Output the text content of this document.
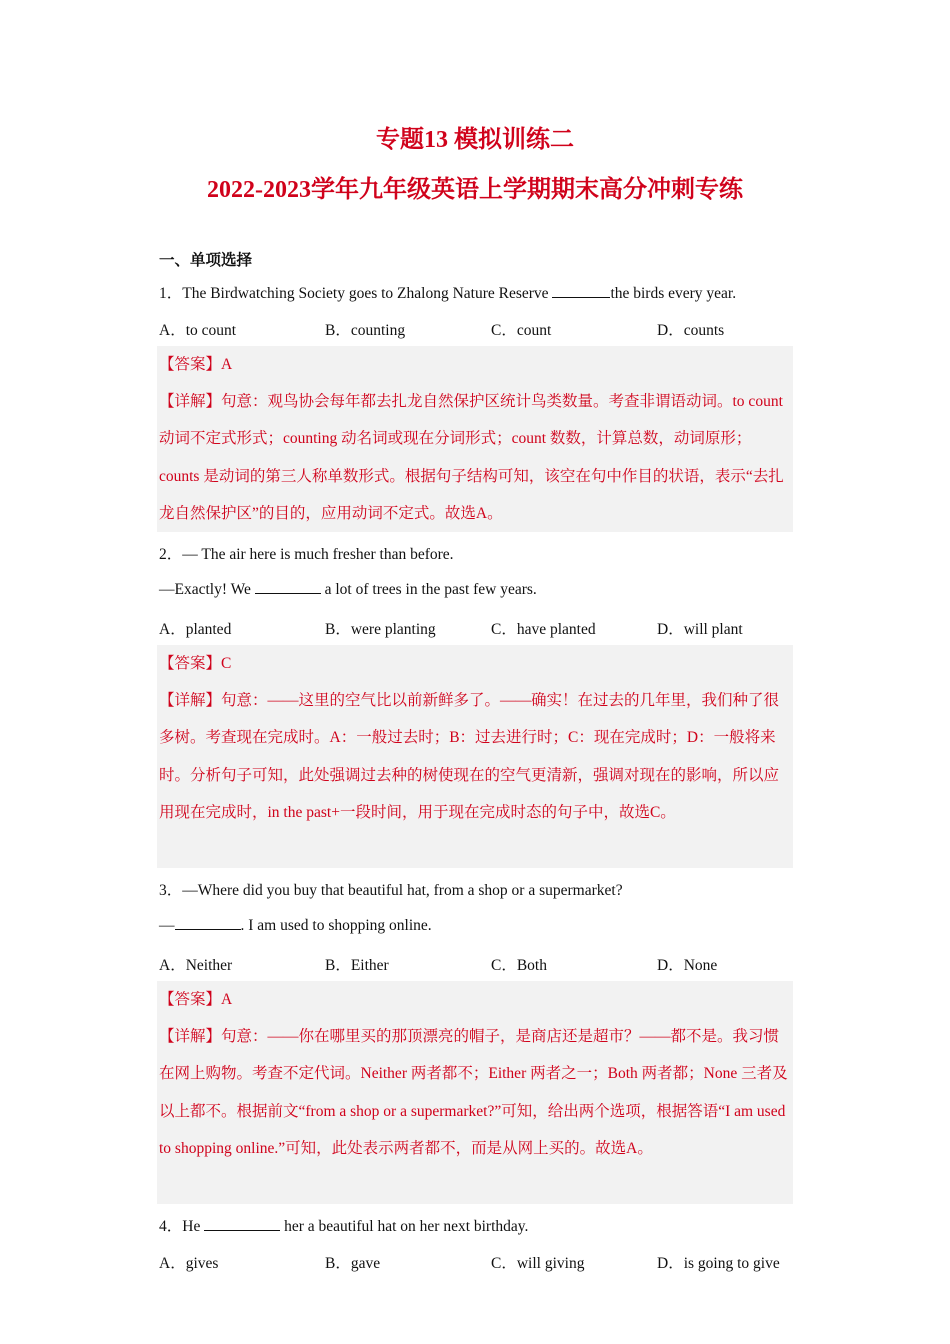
专题13 模拟训练二
2022-2023学年九年级英语上学期期末高分冲刺专练
一、单项选择
1．The Birdwatching Society goes to Zhalong Nature Reserve	the birds every year.
A．to count	B．counting	C．count	D．counts
【答案】A
【详解】句意：观鸟协会每年都去扎龙自然保护区统计鸟类数量。考查非谓语动词。to count 动词不定式形式；counting 动名词或现在分词形式；count 数数，计算总数，动词原形；counts 是动词的第三人称单数形式。根据句子结构可知，该空在句中作目的状语，表示“去扎龙自然保护区”的目的，应用动词不定式。故选A。
2．— The air here is much fresher than before.
—Exactly! We	a lot of trees in the past few years.
A．planted	B．were planting	C．have planted	D．will plant
【答案】C
【详解】句意：——这里的空气比以前新鲜多了。——确实！在过去的几年里，我们种了很多树。考查现在完成时。A：一般过去时；B：过去进行时；C：现在完成时；D：一般将来时。分析句子可知，此处强调过去种的树使现在的空气更清新，强调对现在的影响，所以应用现在完成时，in the past+一段时间，用于现在完成时态的句子中，故选C。
3．—Where did you buy that beautiful hat, from a shop or a supermarket?
—	. I am used to shopping online.
A．Neither	B．Either	C．Both	D．None
【答案】A
【详解】句意：——你在哪里买的那顶漂亮的帽子，是商店还是超市？——都不是。我习惯在网上购物。考查不定代词。Neither 两者都不；Either 两者之一；Both 两者都；None 三者及以上都不。根据前文“from a shop or a supermarket?”可知，给出两个选项，根据答语“I am used to shopping online.”可知，此处表示两者都不，而是从网上买的。故选A。
4．He	her a beautiful hat on her next birthday.
A．gives	B．gave	C．will giving	D．is going to give
